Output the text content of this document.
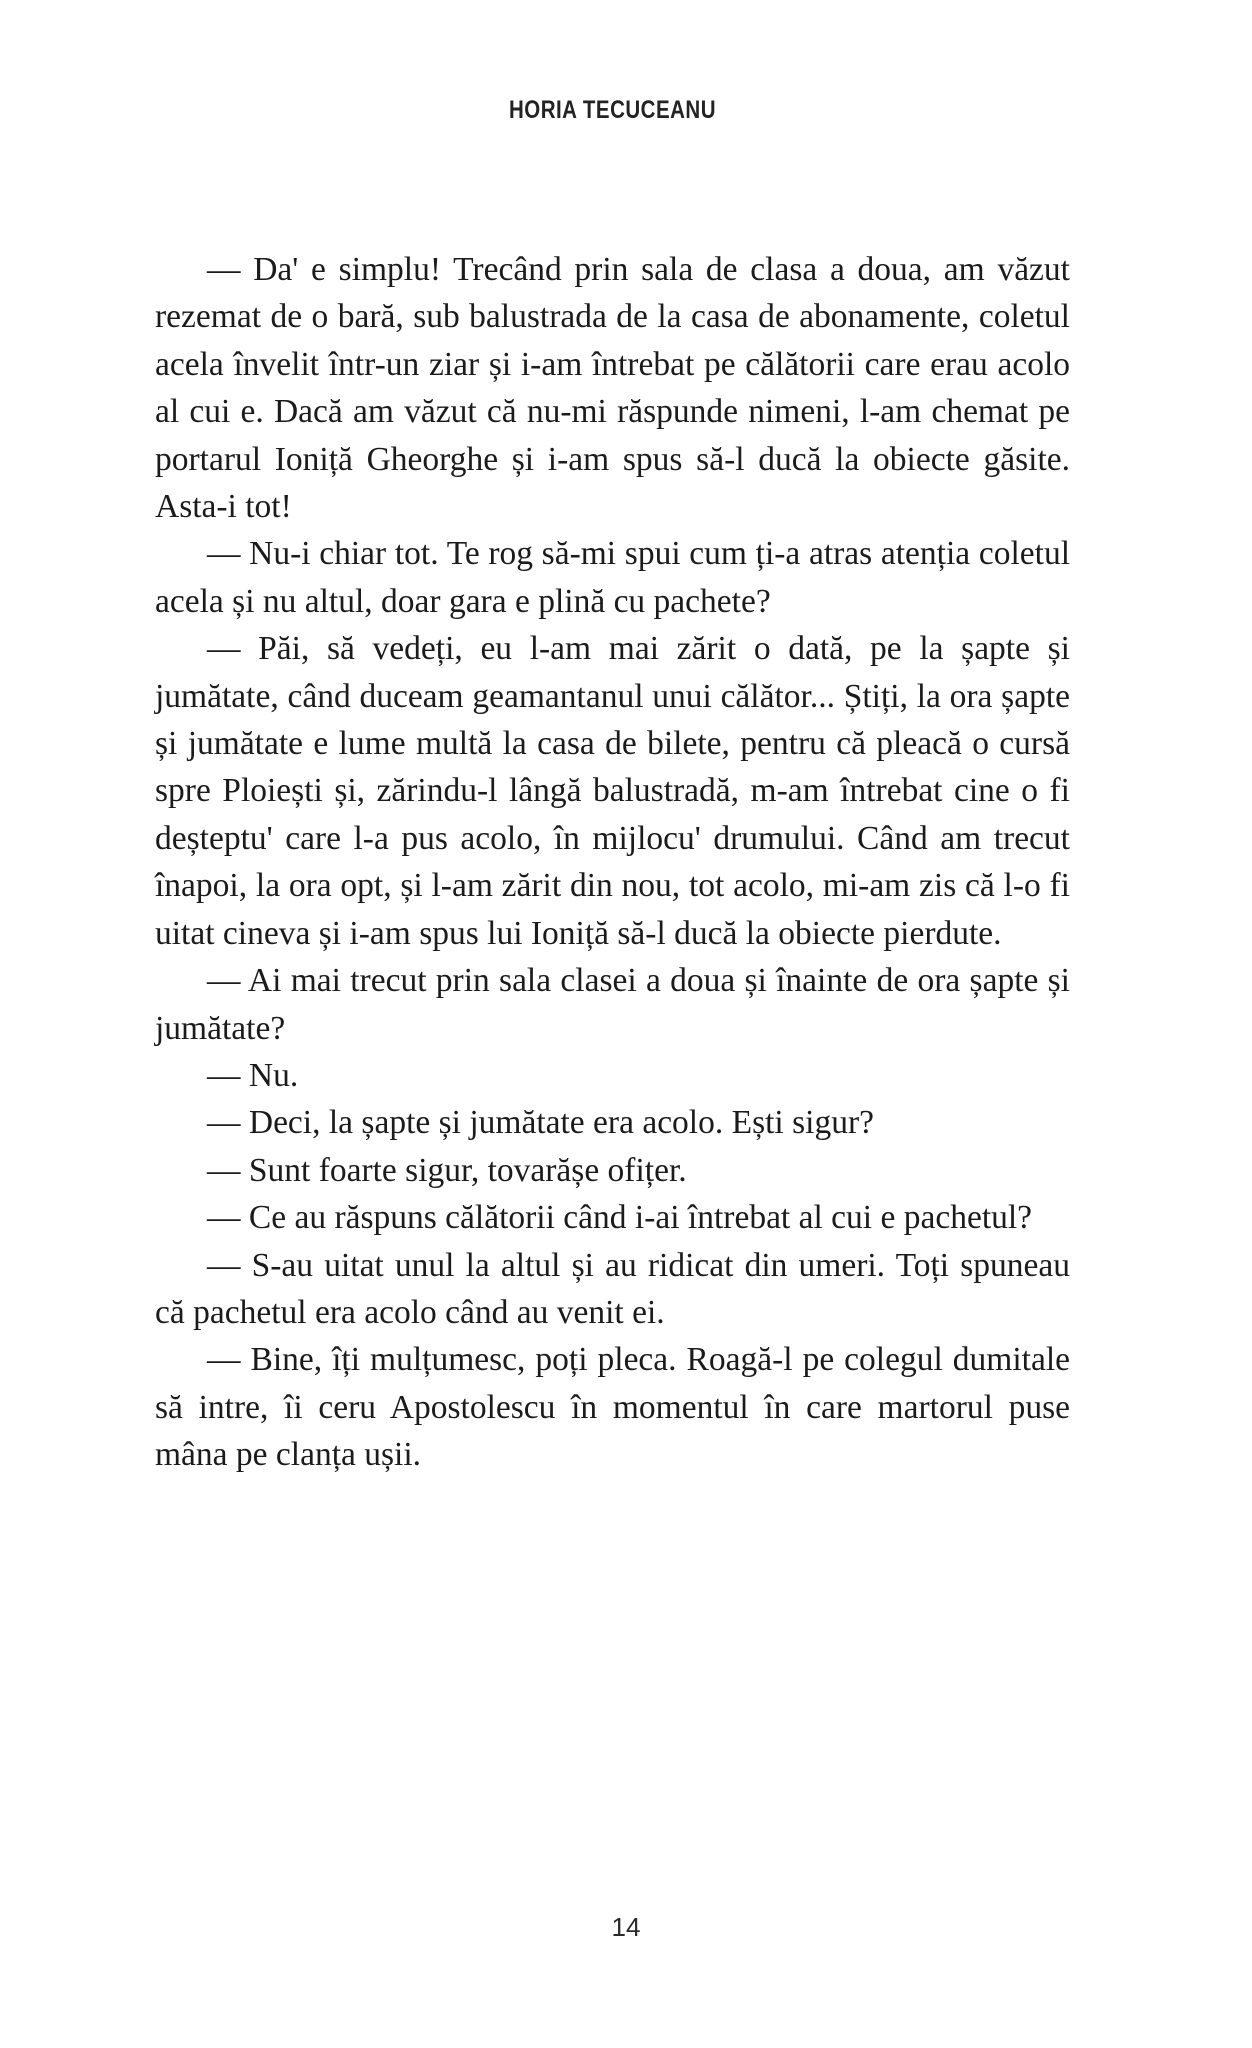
HORIA TECUCEANU

— Da' e simplu! Trecând prin sala de clasa a doua, am văzut rezemat de o bară, sub balustrada de la casa de abonamente, coletul acela învelit într-un ziar și i-am întrebat pe călătorii care erau acolo al cui e. Dacă am văzut că nu-mi răspunde nimeni, l-am chemat pe portarul Ioniță Gheorghe și i-am spus să-l ducă la obiecte găsite. Asta-i tot!

— Nu-i chiar tot. Te rog să-mi spui cum ți-a atras atenția coletul acela și nu altul, doar gara e plină cu pachete?

— Păi, să vedeți, eu l-am mai zărit o dată, pe la șapte și jumătate, când duceam geamantanul unui călător... Știți, la ora șapte și jumătate e lume multă la casa de bilete, pentru că pleacă o cursă spre Ploiești și, zărindu-l lângă balustradă, m-am întrebat cine o fi deșteptu' care l-a pus acolo, în mijlocu' drumului. Când am trecut înapoi, la ora opt, și l-am zărit din nou, tot acolo, mi-am zis că l-o fi uitat cineva și i-am spus lui Ioniță să-l ducă la obiecte pierdute.

— Ai mai trecut prin sala clasei a doua și înainte de ora șapte și jumătate?

— Nu.

— Deci, la șapte și jumătate era acolo. Ești sigur?

— Sunt foarte sigur, tovarășe ofițer.

— Ce au răspuns călătorii când i-ai întrebat al cui e pachetul?

— S-au uitat unul la altul și au ridicat din umeri. Toți spuneau că pachetul era acolo când au venit ei.

— Bine, îți mulțumesc, poți pleca. Roagă-l pe colegul dumitale să intre, îi ceru Apostolescu în momentul în care martorul puse mâna pe clanța ușii.

14
